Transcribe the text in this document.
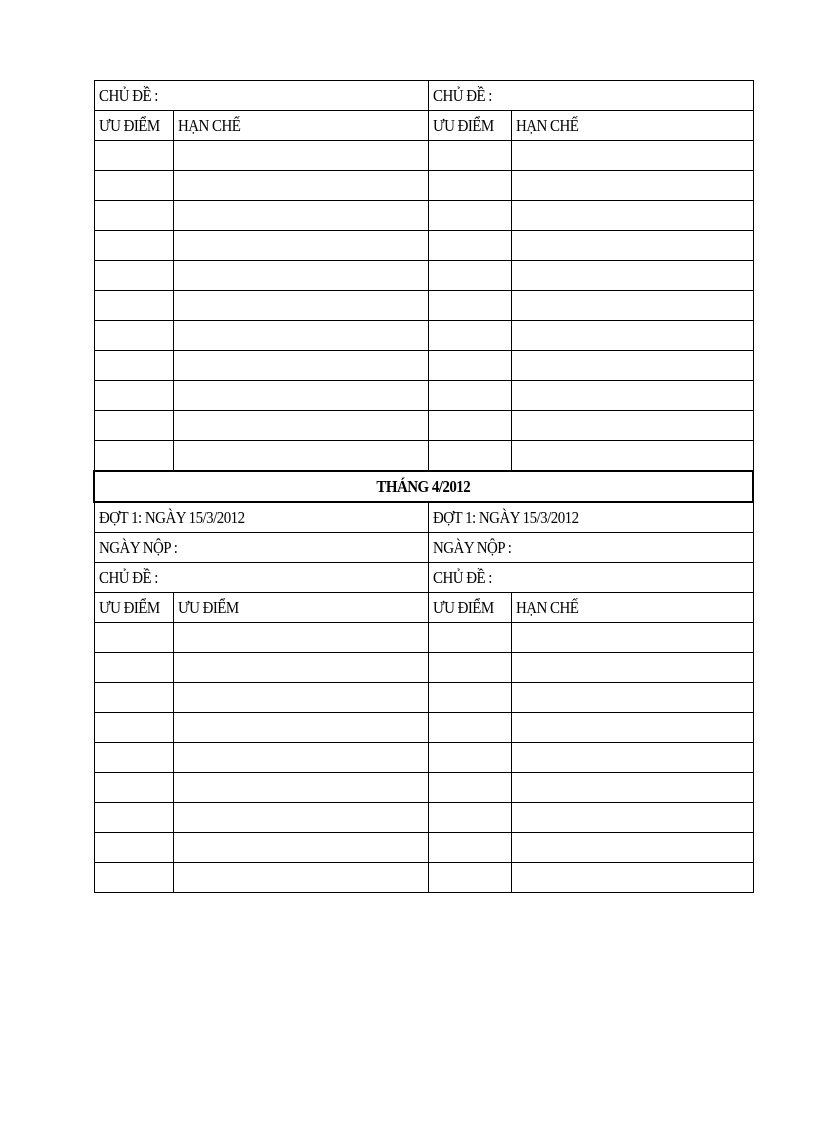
CHỦ ĐỀ :		CHỦ ĐỀ :	
ƯU ĐIỂM	HẠN CHẾ	ƯU ĐIỂM	HẠN CHẾ

THÁNG 4/2012			
ĐỢT 1: NGÀY 15/3/2012		ĐỢT 1: NGÀY 15/3/2012	
NGÀY NỘP :		NGÀY NỘP :	
CHỦ ĐỀ :		CHỦ ĐỀ :	
ƯU ĐIỂM	ƯU ĐIỂM	ƯU ĐIỂM	HẠN CHẾ
